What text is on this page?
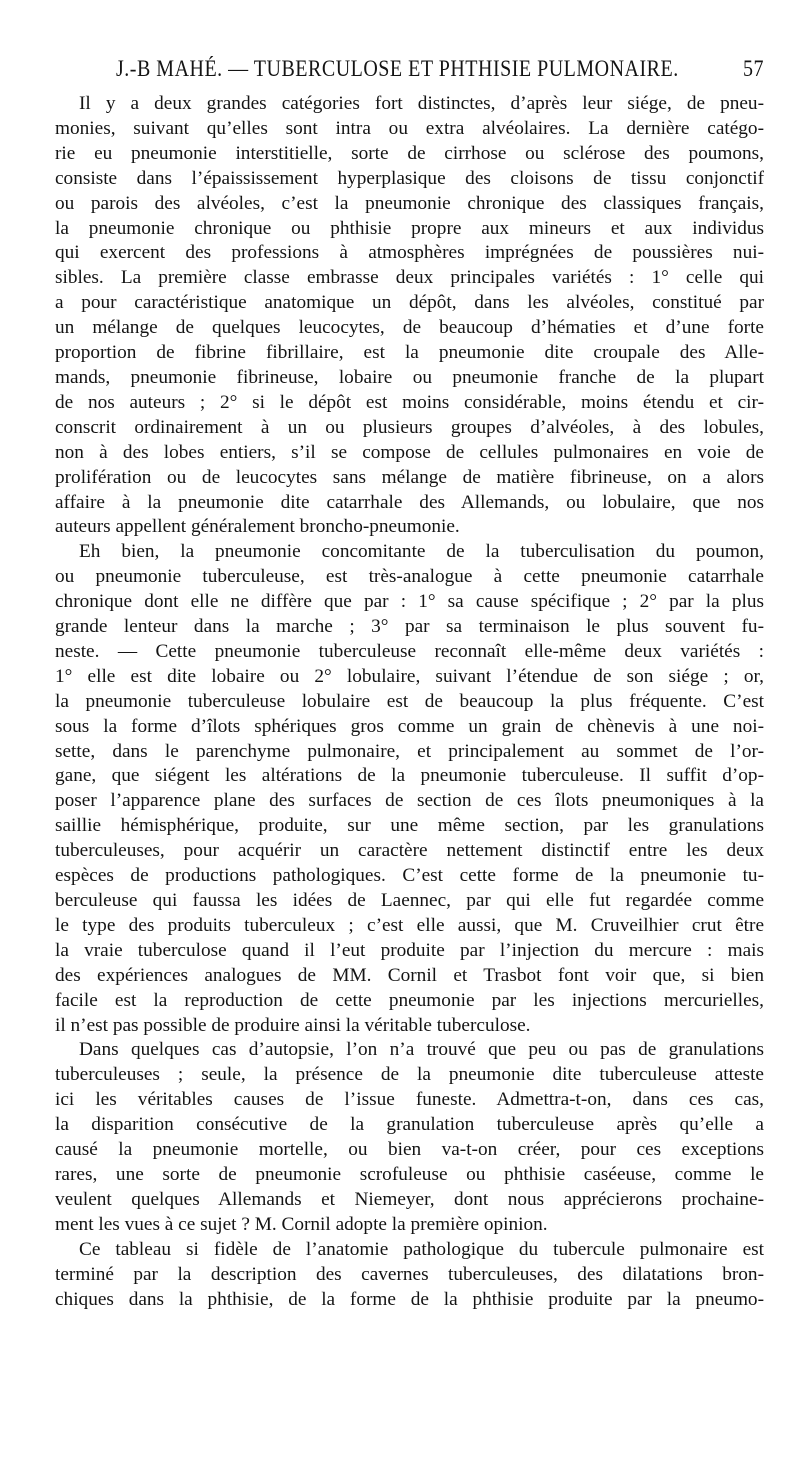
J.-B MAHÉ. — TUBERCULOSE ET PHTHISIE PULMONAIRE.	57
Il y a deux grandes catégories fort distinctes, d’après leur siége, de pneu-
monies, suivant qu’elles sont intra ou extra alvéolaires. La dernière catégo-
rie eu pneumonie interstitielle, sorte de cirrhose ou sclérose des poumons,
consiste dans l’épaississement hyperplasique des cloisons de tissu conjonctif
ou parois des alvéoles, c’est la pneumonie chronique des classiques français,
la pneumonie chronique ou phthisie propre aux mineurs et aux individus
qui exercent des professions à atmosphères imprégnées de poussières nui-
sibles. La première classe embrasse deux principales variétés : 1° celle qui
a pour caractéristique anatomique un dépôt, dans les alvéoles, constitué par
un mélange de quelques leucocytes, de beaucoup d’hématies et d’une forte
proportion de fibrine fibrillaire, est la pneumonie dite croupale des Alle-
mands, pneumonie fibrineuse, lobaire ou pneumonie franche de la plupart
de nos auteurs ; 2° si le dépôt est moins considérable, moins étendu et cir-
conscrit ordinairement à un ou plusieurs groupes d’alvéoles, à des lobules,
non à des lobes entiers, s’il se compose de cellules pulmonaires en voie de
prolifération ou de leucocytes sans mélange de matière fibrineuse, on a alors
affaire à la pneumonie dite catarrhale des Allemands, ou lobulaire, que nos
auteurs appellent généralement broncho-pneumonie.
Eh bien, la pneumonie concomitante de la tuberculisation du poumon,
ou pneumonie tuberculeuse, est très-analogue à cette pneumonie catarrhale
chronique dont elle ne diffère que par : 1° sa cause spécifique ; 2° par la plus
grande lenteur dans la marche ; 3° par sa terminaison le plus souvent fu-
neste. — Cette pneumonie tuberculeuse reconnaît elle-même deux variétés :
1° elle est dite lobaire ou 2° lobulaire, suivant l’étendue de son siége ; or,
la pneumonie tuberculeuse lobulaire est de beaucoup la plus fréquente. C’est
sous la forme d’îlots sphériques gros comme un grain de chènevis à une noi-
sette, dans le parenchyme pulmonaire, et principalement au sommet de l’or-
gane, que siégent les altérations de la pneumonie tuberculeuse. Il suffit d’op-
poser l’apparence plane des surfaces de section de ces îlots pneumoniques à la
saillie hémisphérique, produite, sur une même section, par les granulations
tuberculeuses, pour acquérir un caractère nettement distinctif entre les deux
espèces de productions pathologiques. C’est cette forme de la pneumonie tu-
berculeuse qui faussa les idées de Laennec, par qui elle fut regardée comme
le type des produits tuberculeux ; c’est elle aussi, que M. Cruveilhier crut être
la vraie tuberculose quand il l’eut produite par l’injection du mercure : mais
des expériences analogues de MM. Cornil et Trasbot font voir que, si bien
facile est la reproduction de cette pneumonie par les injections mercurielles,
il n’est pas possible de produire ainsi la véritable tuberculose.
Dans quelques cas d’autopsie, l’on n’a trouvé que peu ou pas de granulations
tuberculeuses ; seule, la présence de la pneumonie dite tuberculeuse atteste
ici les véritables causes de l’issue funeste. Admettra-t-on, dans ces cas,
la disparition consécutive de la granulation tuberculeuse après qu’elle a
causé la pneumonie mortelle, ou bien va-t-on créer, pour ces exceptions
rares, une sorte de pneumonie scrofuleuse ou phthisie caséeuse, comme le
veulent quelques Allemands et Niemeyer, dont nous apprécierons prochaine-
ment les vues à ce sujet ? M. Cornil adopte la première opinion.
Ce tableau si fidèle de l’anatomie pathologique du tubercule pulmonaire est
terminé par la description des cavernes tuberculeuses, des dilatations bron-
chiques dans la phthisie, de la forme de la phthisie produite par la pneumo-
